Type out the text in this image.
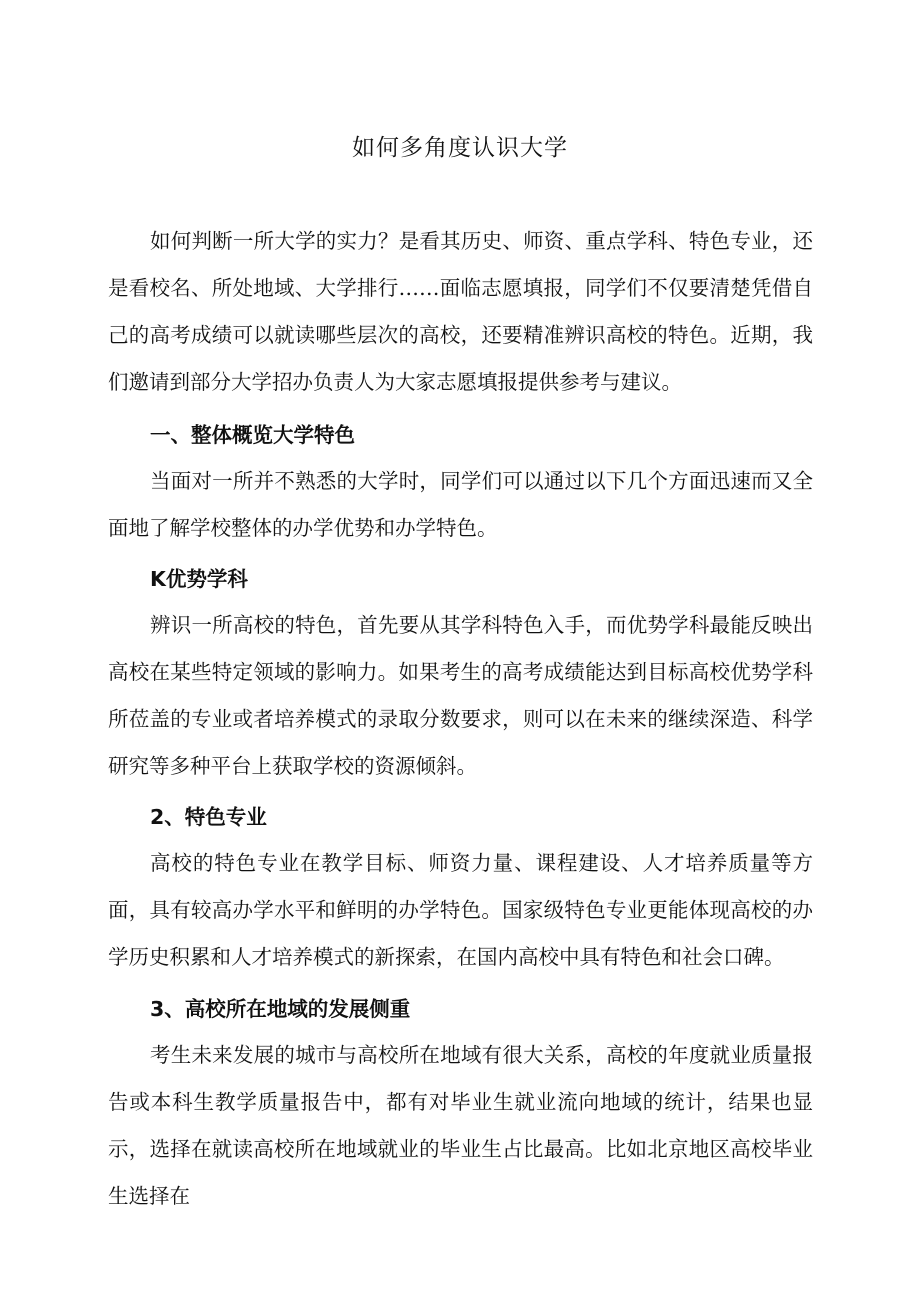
如何多角度认识大学

如何判断一所大学的实力？是看其历史、师资、重点学科、特色专业，还是看校名、所处地域、大学排行……面临志愿填报，同学们不仅要清楚凭借自己的高考成绩可以就读哪些层次的高校，还要精准辨识高校的特色。近期，我们邀请到部分大学招办负责人为大家志愿填报提供参考与建议。

一、整体概览大学特色

当面对一所并不熟悉的大学时，同学们可以通过以下几个方面迅速而又全面地了解学校整体的办学优势和办学特色。

K优势学科

辨识一所高校的特色，首先要从其学科特色入手，而优势学科最能反映出高校在某些特定领域的影响力。如果考生的高考成绩能达到目标高校优势学科所莅盖的专业或者培养模式的录取分数要求，则可以在未来的继续深造、科学研究等多种平台上获取学校的资源倾斜。

2、特色专业

高校的特色专业在教学目标、师资力量、课程建设、人才培养质量等方面，具有较高办学水平和鲜明的办学特色。国家级特色专业更能体现高校的办学历史积累和人才培养模式的新探索，在国内高校中具有特色和社会口碑。

3、高校所在地域的发展侧重

考生未来发展的城市与高校所在地域有很大关系，高校的年度就业质量报告或本科生教学质量报告中，都有对毕业生就业流向地域的统计，结果也显示，选择在就读高校所在地域就业的毕业生占比最高。比如北京地区高校毕业生选择在
